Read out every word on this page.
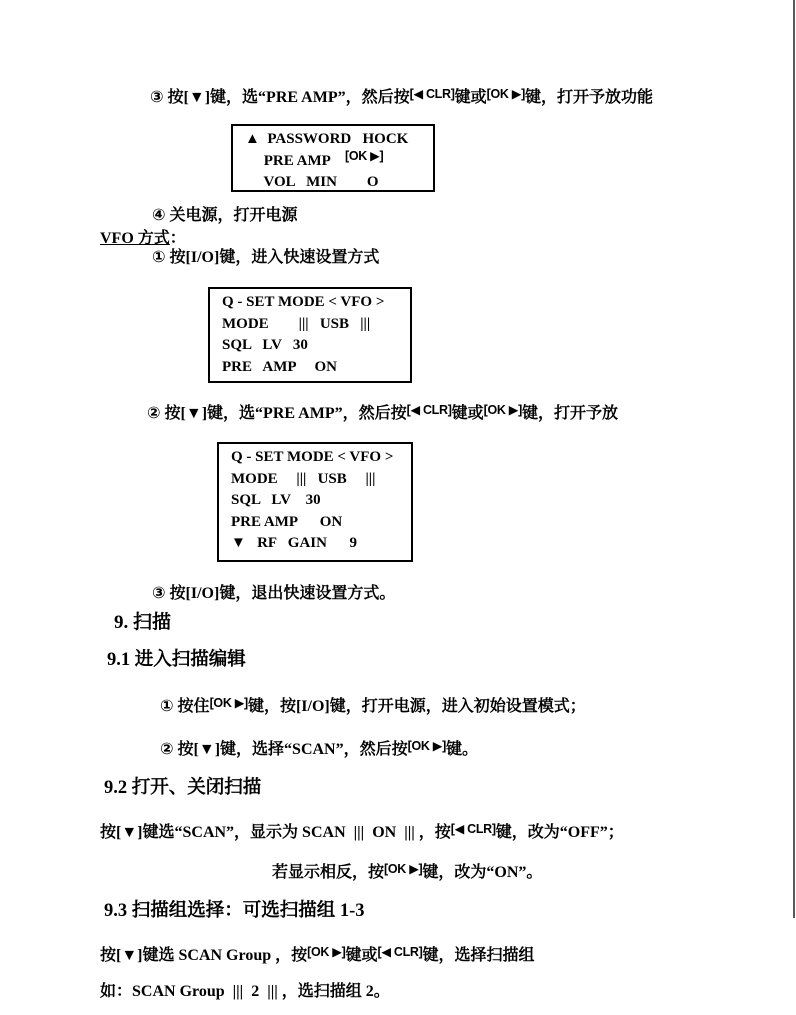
③ 按[▼]键，选“PRE AMP”，然后按[◀ CLR]键或[OK ▶]键，打开予放功能
▲  PASSWORD   HOCK
PRE AMP    [OK ▶]
VOL   MIN        O
④ 关电源，打开电源
VFO 方式：
① 按[I/O]键，进入快速设置方式
Q - SET MODE < VFO >
MODE        |||   USB   |||
SQL   LV   30
PRE   AMP     ON
② 按[▼]键，选“PRE AMP”，然后按[◀ CLR]键或[OK ▶]键，打开予放
Q - SET MODE < VFO >
MODE     |||   USB     |||
SQL   LV    30
PRE AMP      ON
▼   RF   GAIN      9
③ 按[I/O]键，退出快速设置方式。
9. 扫描
9.1 进入扫描编辑
① 按住[OK ▶]键，按[I/O]键，打开电源，进入初始设置模式；
② 按[▼]键，选择“SCAN”，然后按[OK ▶]键。
9.2 打开、关闭扫描
按[▼]键选“SCAN”，显示为 SCAN  |||  ON  ||| ，按[◀ CLR]键，改为“OFF”；
若显示相反，按[OK ▶]键，改为“ON”。
9.3 扫描组选择：可选扫描组 1-3
按[▼]键选 SCAN Group ，按[OK ▶]键或[◀ CLR]键，选择扫描组
如：SCAN Group  |||  2  ||| ，选扫描组 2。
